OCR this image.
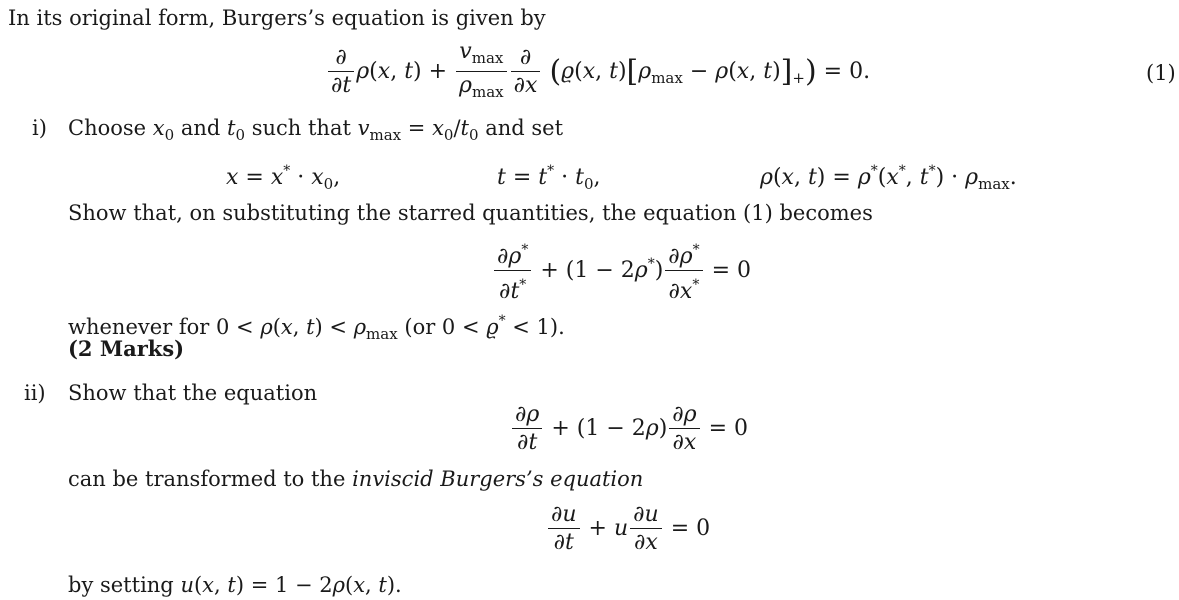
In its original form, Burgers’s equation is given by
$\frac{\partial}{\partial t} \rho(x$, $t) + \frac{v_{max}}{\rho_{max}} \frac{\partial}{\partial x} (ϱ(x$, $t)[\rho_{max} - \rho(x$, $t)]_+) = 0$.	(1)
i) Choose $x_0$ and $t_0$ such that $v_{max} = x_0/t_0$ and set
$x = x^* \cdot x_0$,	$t = t^* \cdot t_0$,	ρ(x, t) = ρ*(x*, $t^*) \cdot \rho_{max}$.
Show that, on substituting the starred quantities, the equation (1) becomes
$\frac{\partial\rho^*}{\partial t^*} + (1 - 2\rho^*) \frac{\partial\rho^*}{\partial x^*} = 0$
whenever for 0 < ρ(x, $t) < \rho_{max}$ (or 0 < ϱ* < 1).
(2 Marks)
ii) Show that the equation
$\frac{\partial\rho}{\partial t} + (1 - 2\rho) \frac{\partial\rho}{\partial x} = 0$
can be transformed to the inviscid Burgers’s equation
$\frac{\partial u}{\partial t} + u \frac{\partial u}{\partial x} = 0$
by setting u(x, t) = 1 − 2ρ(x, t).
